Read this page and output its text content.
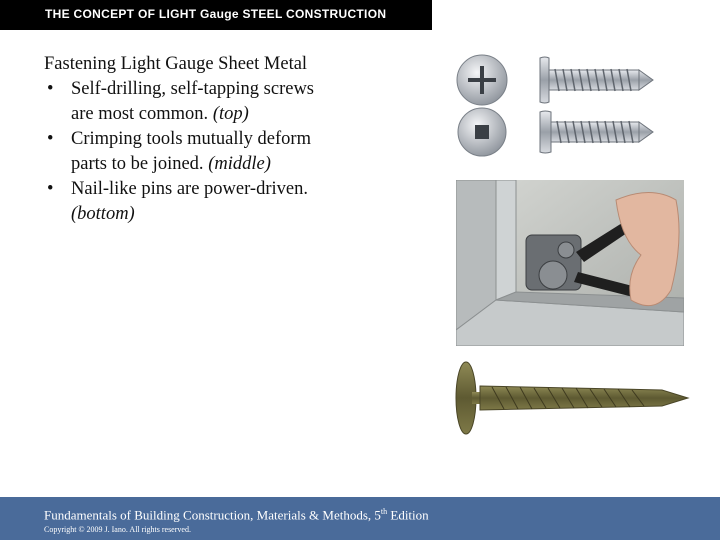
THE CONCEPT OF LIGHT Gauge STEEL CONSTRUCTION
Fastening Light Gauge Sheet Metal
• Self-drilling, self-tapping screws are most common. (top)
• Crimping tools mutually deform parts to be joined. (middle)
• Nail-like pins are power-driven. (bottom)
Fundamentals of Building Construction, Materials & Methods, 5th Edition
Copyright © 2009 J. Iano. All rights reserved.
